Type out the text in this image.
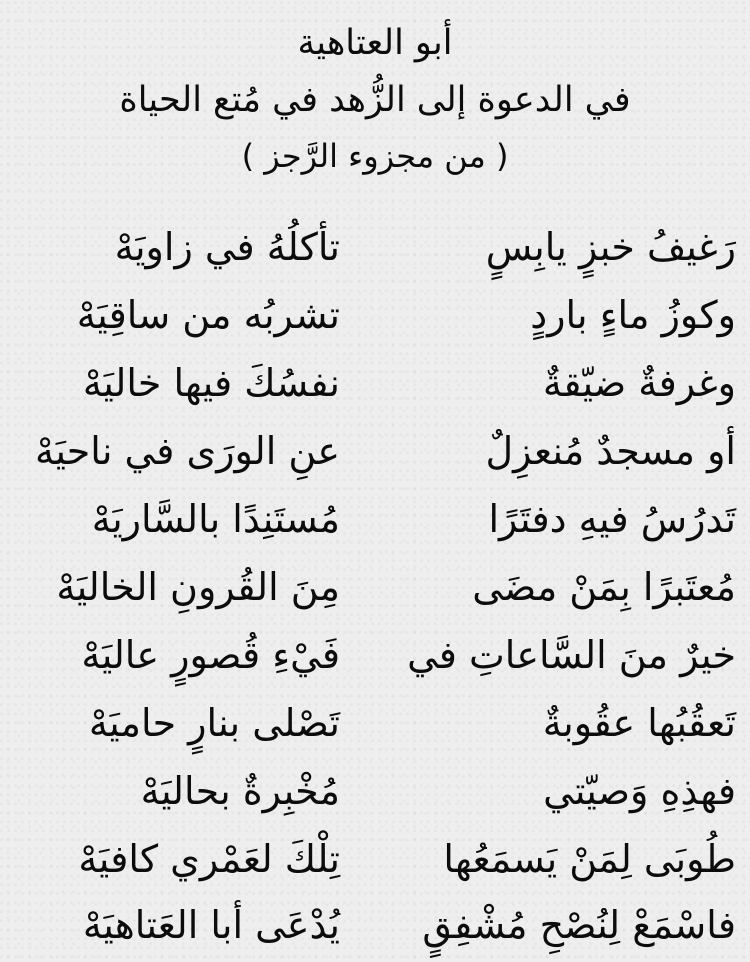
أبو العتاهية
في الدعوة إلى الزُّهد في مُتع الحياة
( من مجزوء الرَّجز )
رَغيفُ خبزٍ يابِسٍ
تأكلُهُ في زاويَهْ
وكوزُ ماءٍ باردٍ
تشربُه من ساقِيَهْ
وغرفةٌ ضيّقةٌ
نفسُكَ فيها خاليَهْ
أو مسجدٌ مُنعزِلٌ
عنِ الورَى في ناحيَهْ
تَدرُسُ فيهِ دفتَرًا
مُستَنِدًا بالسَّاريَهْ
مُعتَبرًا بِمَنْ مضَى
مِنَ القُرونِ الخاليَهْ
خيرٌ منَ السَّاعاتِ في
فَيْءِ قُصورٍ عاليَهْ
تَعقُبُها عقُوبةٌ
تَصْلى بنارٍ حاميَهْ
فهذِهِ وَصيّتي
مُخْبِرةٌ بحاليَهْ
طُوبَى لِمَنْ يَسمَعُها
تِلْكَ لعَمْري كافيَهْ
فاسْمَعْ لِنُصْحِ مُشْفِقٍ
يُدْعَى أبا العَتاهيَهْ
